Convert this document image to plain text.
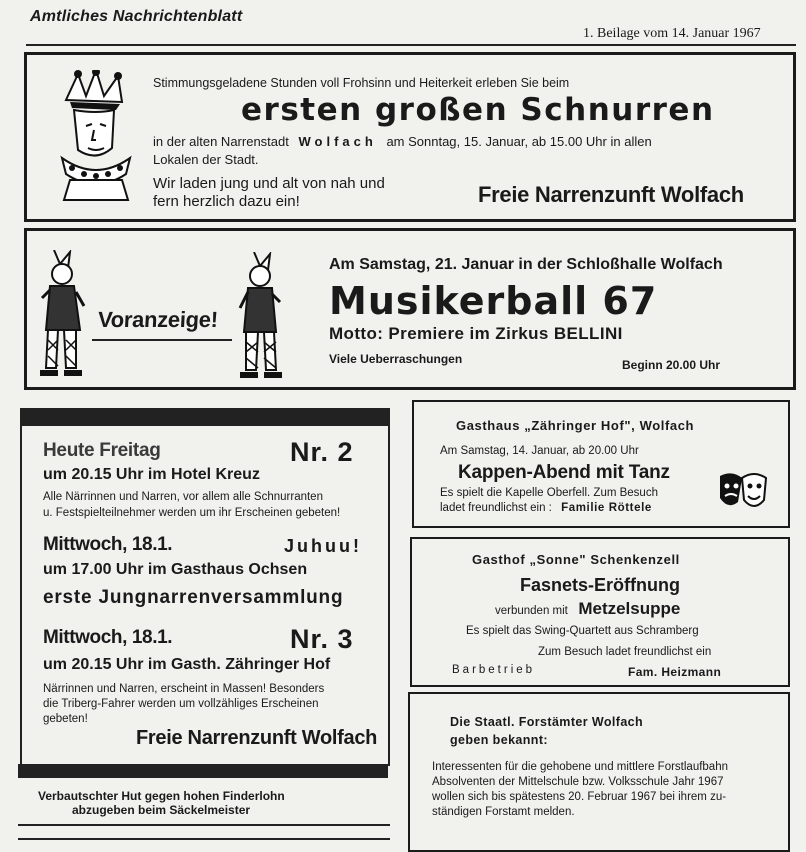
Amtliches Nachrichtenblatt
1. Beilage vom 14. Januar 1967
Stimmungsgeladene Stunden voll Frohsinn und Heiterkeit erleben Sie beim
ersten großen Schnurren
in der alten Narrenstadt Wolfach am Sonntag, 15. Januar, ab 15.00 Uhr in allen
Lokalen der Stadt.
Wir laden jung und alt von nah und
fern herzlich dazu ein!	Freie Narrenzunft Wolfach
Voranzeige!
Am Samstag, 21. Januar in der Schloßhalle Wolfach
Musikerball 67
Motto: Premiere im Zirkus BELLINI
Viele Ueberraschungen	Beginn 20.00 Uhr
Heute Freitag	Nr. 2
um 20.15 Uhr im Hotel Kreuz
Alle Närrinnen und Narren, vor allem alle Schnurranten
u. Festspielteilnehmer werden um ihr Erscheinen gebeten!
Mittwoch, 18.1.	Juhuu!
um 17.00 Uhr im Gasthaus Ochsen
erste Jungnarrenversammlung
Mittwoch, 18.1.	Nr. 3
um 20.15 Uhr im Gasth. Zähringer Hof
Närrinnen und Narren, erscheint in Massen! Besonders
die Triberg-Fahrer werden um vollzähliges Erscheinen
gebeten!
Freie Narrenzunft Wolfach
Verbautschter Hut gegen hohen Finderlohn
abzugeben beim Säckelmeister
Gasthaus „Zähringer Hof", Wolfach
Am Samstag, 14. Januar, ab 20.00 Uhr
Kappen-Abend mit Tanz
Es spielt die Kapelle Oberfell. Zum Besuch
ladet freundlichst ein : Familie Röttele
Gasthof „Sonne" Schenkenzell
Fasnets-Eröffnung
verbunden mit Metzelsuppe
Es spielt das Swing-Quartett aus Schramberg
Zum Besuch ladet freundlichst ein
Barbetrieb	Fam. Heizmann
Die Staatl. Forstämter Wolfach
geben bekannt:
Interessenten für die gehobene und mittlere Forstlaufbahn
Absolventen der Mittelschule bzw. Volksschule Jahr 1967
wollen sich bis spätestens 20. Februar 1967 bei ihrem zu-
ständigen Forstamt melden.
